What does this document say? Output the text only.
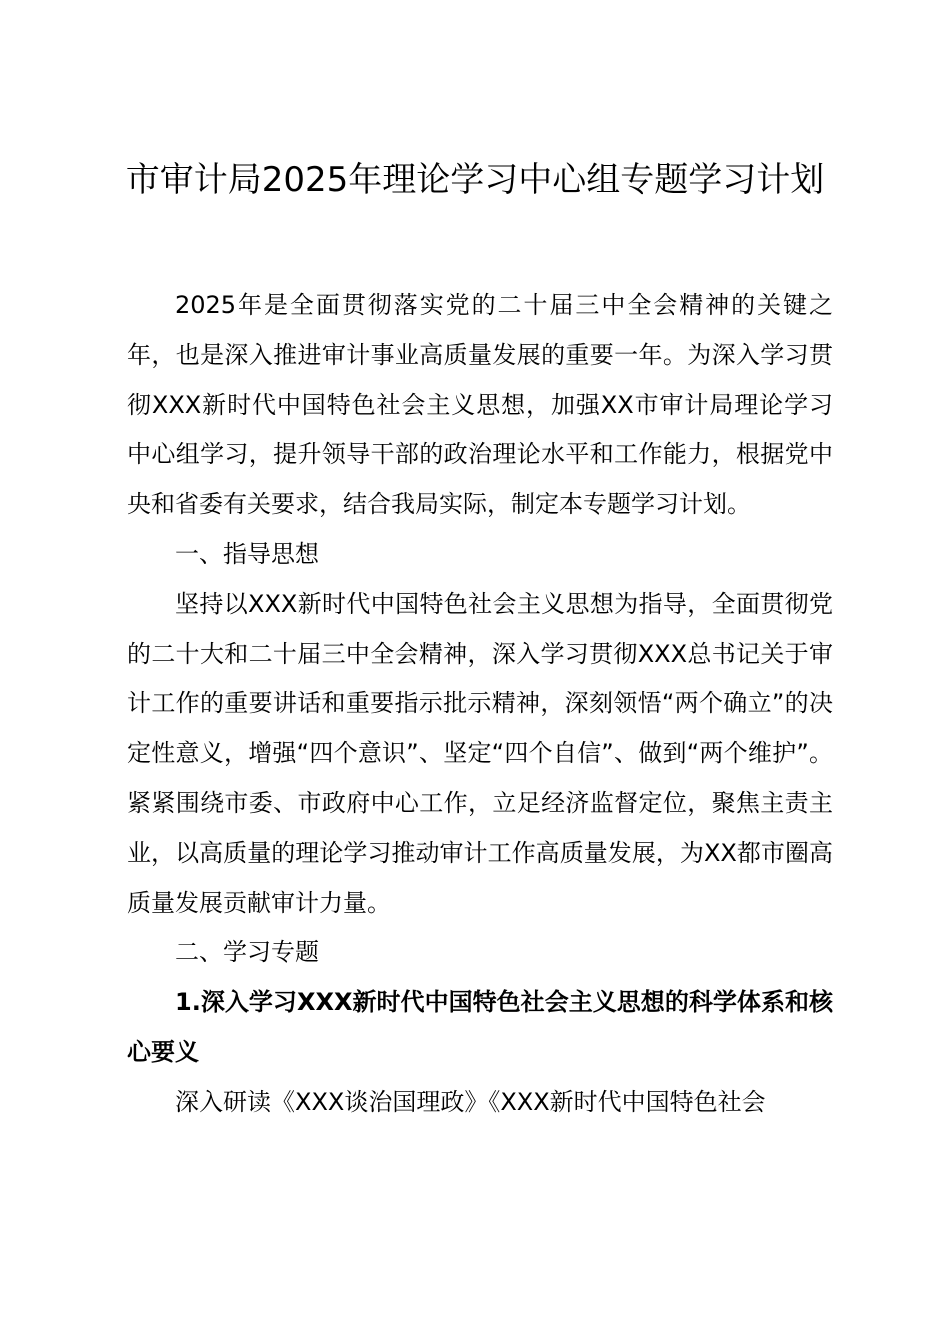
市审计局2025年理论学习中心组专题学习计划

2025年是全面贯彻落实党的二十届三中全会精神的关键之年，也是深入推进审计事业高质量发展的重要一年。为深入学习贯彻XXX新时代中国特色社会主义思想，加强XX市审计局理论学习中心组学习，提升领导干部的政治理论水平和工作能力，根据党中央和省委有关要求，结合我局实际，制定本专题学习计划。

一、指导思想

坚持以XXX新时代中国特色社会主义思想为指导，全面贯彻党的二十大和二十届三中全会精神，深入学习贯彻XXX总书记关于审计工作的重要讲话和重要指示批示精神，深刻领悟“两个确立”的决定性意义，增强“四个意识”、坚定“四个自信”、做到“两个维护”。紧紧围绕市委、市政府中心工作，立足经济监督定位，聚焦主责主业，以高质量的理论学习推动审计工作高质量发展，为XX都市圈高质量发展贡献审计力量。

二、学习专题

1.深入学习XXX新时代中国特色社会主义思想的科学体系和核心要义

深入研读《XXX谈治国理政》《XXX新时代中国特色社会
